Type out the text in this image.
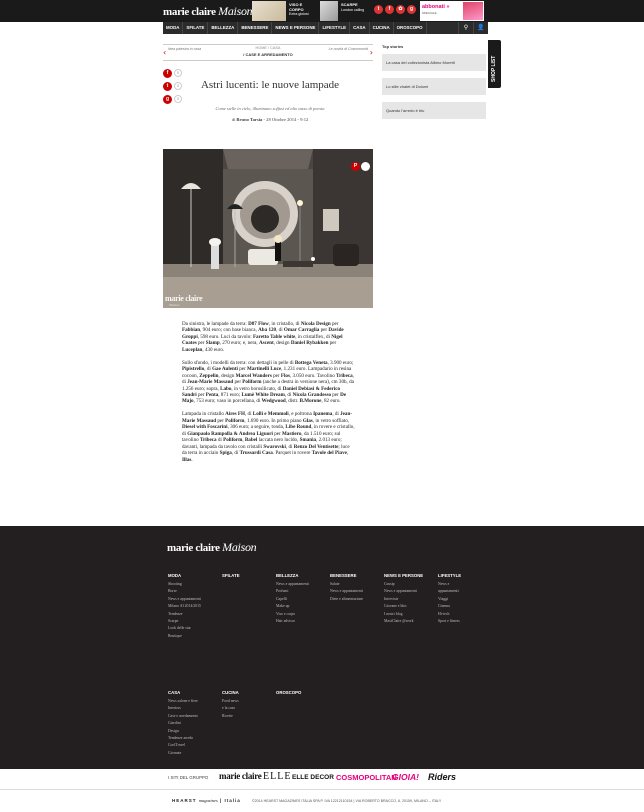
marie claire Maison	VISO E CORPO
Extra gioiosi
SCARPE
London calling	t	f	✿	g	abbonati »
SPECIALE
NEWSLETTER
MODA	SFILATE	BELLEZZA	BENESSERE	NEWS E PERSONE	LIFESTYLE	CASA	CUCINA	OROSCOPO	⚲	👤
‹ Idea palestra in casa	HOME / CASA
/ CASE E ARREDAMENTO
Le novità di Cosmoworld ›
f	0
t	0
g	0
Astri lucenti: le nuove lampade
Come stelle in cielo, illuminano soffusi ed alto tasso di poesia
di Bruno Tarsia - 28 Ottobre 2014 - 9:12
marie claire
Maison
P

Da sinistra, le lampade da terra: D87 Flow, in cristallo, di Nicola Design per Fabbian, 904 euro; con base bianca, Aba 120, di Omar Carraglia per Davide Groppi, 598 euro. Luci da tavolo: Faretto Table white, in cristalflex, di Nigel Coates per Slamp, 270 euro; e, nera, Ascent, design Daniel Rybakken per Luceplan, 430 euro.

Sullo sfondo, i modelli da terra: con dettagli in pelle di Bottega Veneta, 3.900 euro; Pipistrello, di Gae Aulenti per Martinelli Luce, 1.231 euro. Lampadario in resina cocoon, Zeppelin, design Marcel Wanders per Flos, 3.050 euro. Tavolino Tribeca, di Jean-Marie Massaud per Poliform (anche a destra in versione nera), cm 30h, da 1.256 euro; sopra, Labo, in vetro borosilicato, di Daniel Debiasi & Federico Sandri per Penta, 871 euro; Lumè White Dream, di Nicola Grandesso per De Majo, 753 euro; vaso in porcellana, di Wedgwood, distr. B.Morone, 82 euro.

Lampada in cristallo Aires FH, di Lolli e Memmoli, e poltrona Ipanema, di Jean-Marie Massaud per Poliform, 1.690 euro. In primo piano Glas, in vetro soffiato, Diesel with Foscarini, 306 euro; a seguire, tonda, Libe Round, in rovere e cristallo, di Gianpaolo Rampolla & Andrea Liguori per Mastiero, da 1.510 euro; sul tavolino Tribeca di Poliform, Babel laccata nero lucido, Smania, 2.013 euro; davanti, lampada da tavolo con cristalli Swarovski, di Renzo Del Ventisette; luce da terra in acciaio Spiga, di Trussardi Casa. Parquet in rovere Tavole del Piave, Illas.

Top stories
La casa del collezionista Albino Moretti
Lo stile chalet di Dolomi
Quando l'arredo è blu
SHOP LIST
marie claire Maison
I SITI DEL GRUPPO marie claire ELLE ELLE DECOR COSMOPOLITAN
GIOIA! Riders
HEARST magazines | Italia	©2014 HEARST MAGAZINES ITALIA SPA P. IVA 12212110154 | VIA ROBERTO BRACCO, 6, 20159, MILANO – ITALY
MODA
Shooting
Borse
News e appuntamenti
Milano AI 2014/2015
Tendenze
Scarpe
Look delle star
Boutique
SFILATE	BELLEZZA
News e appuntamenti
Profumi
Capelli
Make up
Viso e corpo
Hair advisor
BENESSERE
Salute
News e appuntamenti
Diete e alimentazione
NEWS E PERSONE
Gossip
News e appuntamenti
Interviste
Giovane e bloc
I nostri blog
MaxiClaire @work
LIFESTYLE
News e
appuntamenti
Viaggi
Cinema
Hi-tech
Sport e fitness
CASA
News salone e fiere
Interiors
Case e arredamento
Giardini
Design
Tendenze arredo
CoolTravel
Giornate
CUCINA
Food news
e la casa
Ricette
OROSCOPO
